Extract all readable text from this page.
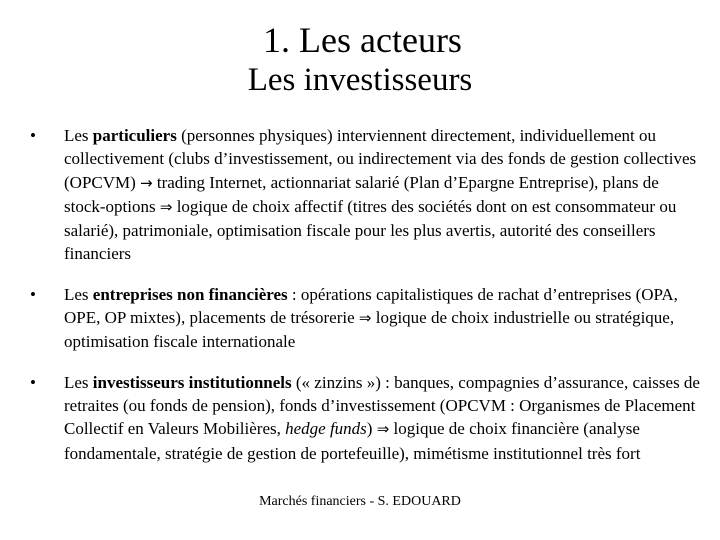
1. Les acteurs
Les investisseurs
• Les particuliers (personnes physiques) interviennent directement, individuellement ou collectivement (clubs d’investissement, ou indirectement via des fonds de gestion collectives (OPCVM) → trading Internet, actionnariat salarié (Plan d’Epargne Entreprise), plans de stock-options ⇒ logique de choix affectif (titres des sociétés dont on est consommateur ou salarié), patrimoniale, optimisation fiscale pour les plus avertis, autorité des conseillers financiers
• Les entreprises non financières : opérations capitalistiques de rachat d’entreprises (OPA, OPE, OP mixtes), placements de trésorerie ⇒ logique de choix industrielle ou stratégique, optimisation fiscale internationale
• Les investisseurs institutionnels (« zinzins ») : banques, compagnies d’assurance, caisses de retraites (ou fonds de pension), fonds d’investissement (OPCVM : Organismes de Placement Collectif en Valeurs Mobilières, hedge funds) ⇒ logique de choix financière (analyse fondamentale, stratégie de gestion de portefeuille), mimétisme institutionnel très fort
Marchés financiers - S. EDOUARD
